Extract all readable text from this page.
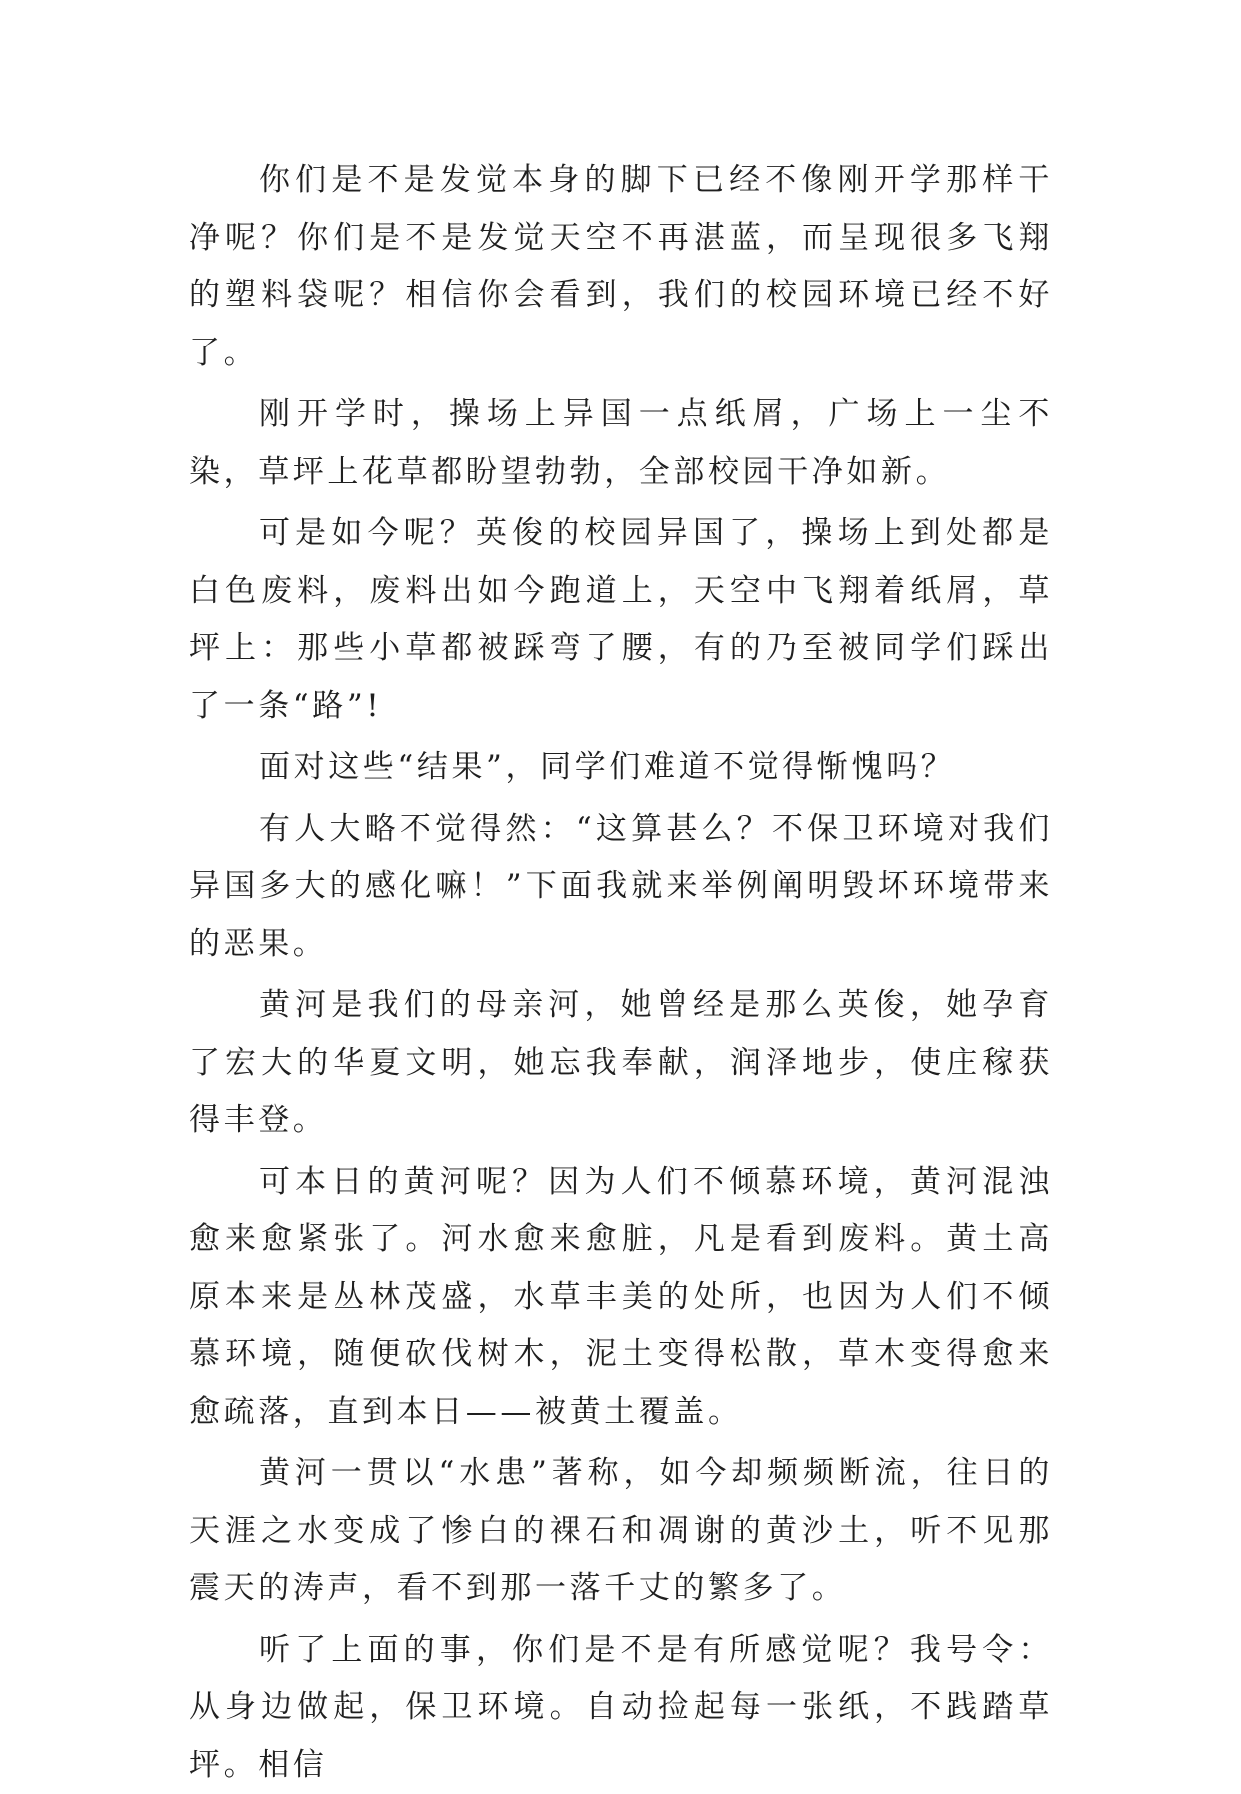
你们是不是发觉本身的脚下已经不像刚开学那样干净呢？你们是不是发觉天空不再湛蓝，而呈现很多飞翔的塑料袋呢？相信你会看到，我们的校园环境已经不好了。

刚开学时，操场上异国一点纸屑，广场上一尘不染，草坪上花草都盼望勃勃，全部校园干净如新。

可是如今呢？英俊的校园异国了，操场上到处都是白色废料，废料出如今跑道上，天空中飞翔着纸屑，草坪上：那些小草都被踩弯了腰，有的乃至被同学们踩出了一条“路”!

面对这些“结果”，同学们难道不觉得惭愧吗？

有人大略不觉得然：“这算甚么？不保卫环境对我们异国多大的感化嘛！”下面我就来举例阐明毁坏环境带来的恶果。

黄河是我们的母亲河，她曾经是那么英俊，她孕育了宏大的华夏文明，她忘我奉献，润泽地步，使庄稼获得丰登。

可本日的黄河呢？因为人们不倾慕环境，黄河混浊愈来愈紧张了。河水愈来愈脏，凡是看到废料。黄土高原本来是丛林茂盛，水草丰美的处所，也因为人们不倾慕环境，随便砍伐树木，泥土变得松散，草木变得愈来愈疏落，直到本日——被黄土覆盖。

黄河一贯以“水患”著称，如今却频频断流，往日的天涯之水变成了惨白的裸石和凋谢的黄沙土，听不见那震天的涛声，看不到那一落千丈的繁多了。

听了上面的事，你们是不是有所感觉呢？我号令：从身边做起，保卫环境。自动捡起每一张纸，不践踏草坪。相信
